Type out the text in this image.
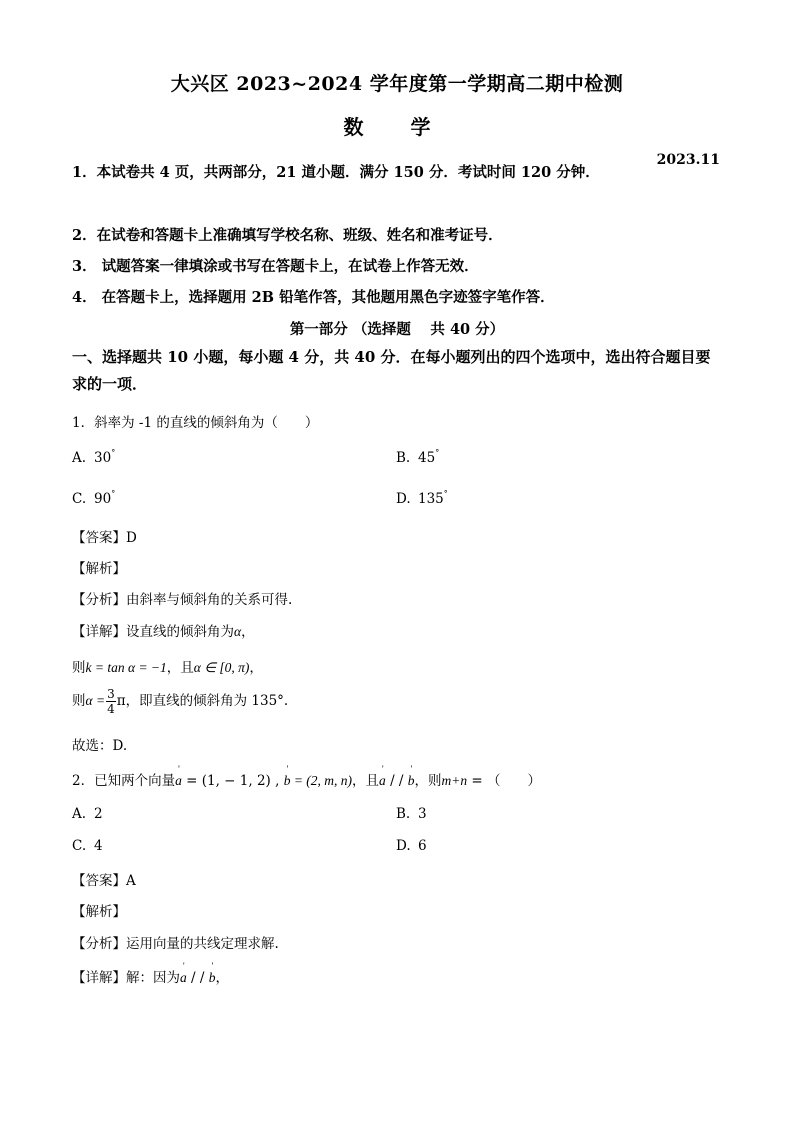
大兴区 2023~2024 学年度第一学期高二期中检测
数 学
2023.11
1．本试卷共 4 页，共两部分，21 道小题．满分 150 分．考试时间 120 分钟．
2．在试卷和答题卡上准确填写学校名称、班级、姓名和准考证号．
3． 试题答案一律填涂或书写在答题卡上，在试卷上作答无效．
4． 在答题卡上，选择题用 2B 铅笔作答，其他题用黑色字迹签字笔作答．
第一部分 （选择题　 共 40 分）
一、选择题共 10 小题，每小题 4 分，共 40 分．在每小题列出的四个选项中，选出符合题目要求的一项．
1．斜率为 -1 的直线的倾斜角为（　　）
A. 30°	B. 45°
C. 90°	D. 135°
【答案】D
【解析】
【分析】由斜率与倾斜角的关系可得.
【详解】设直线的倾斜角为α，
则k = tan α = −1，且α ∈ [0, π)，
则$\alpha = \frac{3}{4}$ π，即直线的倾斜角为 135°.
故选：D.
2．已知两个向量' a = (1, − 1, 2) , ' b = (2, m, n)，且' a / / ' b，则m+n = （　　）
A. 2	B. 3
C. 4	D. 6
【答案】A
【解析】
【分析】运用向量的共线定理求解.
【详解】解：因为' a / / ' b，
